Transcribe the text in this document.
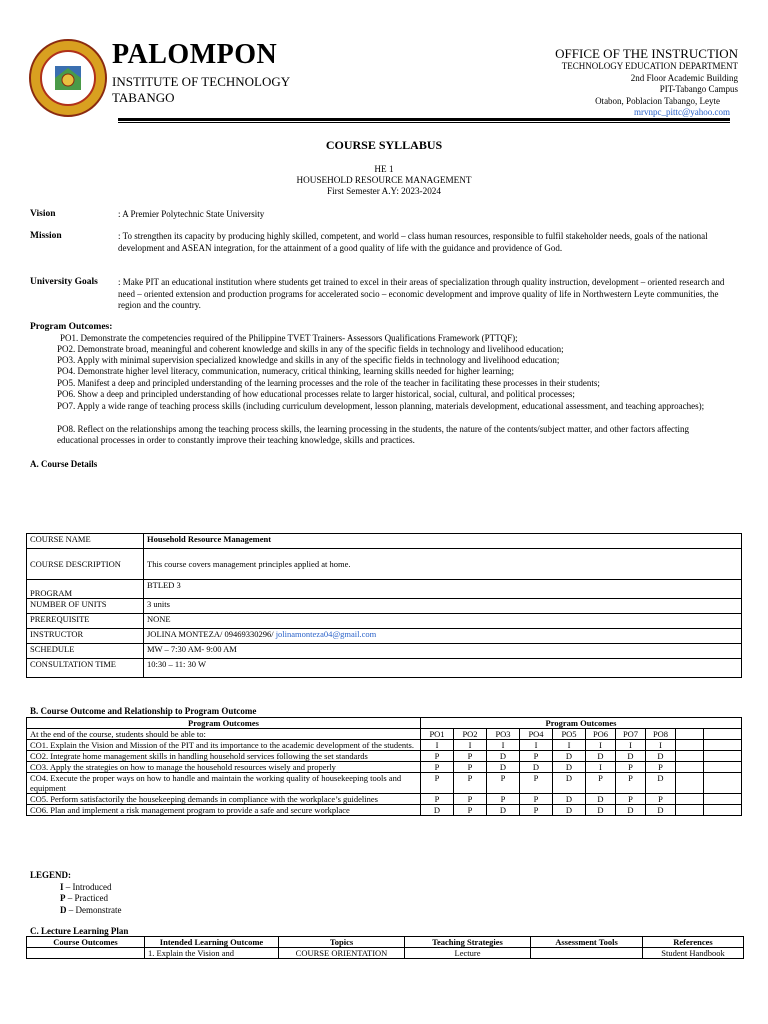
PALOMPON
INSTITUTE OF TECHNOLOGY
TABANGO
OFFICE OF THE INSTRUCTION
TECHNOLOGY EDUCATION DEPARTMENT
2nd Floor Academic Building
PIT-Tabango Campus
Otabon, Poblacion Tabango, Leyte
mrvnpc_pittc@yahoo.com
COURSE SYLLABUS
HE 1
HOUSEHOLD RESOURCE MANAGEMENT
First Semester A.Y: 2023-2024
Vision	: A Premier Polytechnic State University
Mission	: To strengthen its capacity by producing highly skilled, competent, and world – class human resources, responsible to fulfil stakeholder needs, goals of the national development and ASEAN integration, for the attainment of a good quality of life with the guidance and providence of God.
University Goals : Make PIT an educational institution where students get trained to excel in their areas of specialization through quality instruction, development – oriented research and need – oriented extension and production programs for accelerated socio – economic development and improve quality of life in Northwestern Leyte communities, the region and the country.
Program Outcomes:
PO1. Demonstrate the competencies required of the Philippine TVET Trainers- Assessors Qualifications Framework (PTTQF);
PO2. Demonstrate broad, meaningful and coherent knowledge and skills in any of the specific fields in technology and livelihood education;
PO3. Apply with minimal supervision specialized knowledge and skills in any of the specific fields in technology and livelihood education;
PO4. Demonstrate higher level literacy, communication, numeracy, critical thinking, learning skills needed for higher learning;
PO5. Manifest a deep and principled understanding of the learning processes and the role of the teacher in facilitating these processes in their students;
PO6. Show a deep and principled understanding of how educational processes relate to larger historical, social, cultural, and political processes;
PO7. Apply a wide range of teaching process skills (including curriculum development, lesson planning, materials development, educational assessment, and teaching approaches);
PO8. Reflect on the relationships among the teaching process skills, the learning processing in the students, the nature of the contents/subject matter, and other factors affecting educational processes in order to constantly improve their teaching knowledge, skills and practices.
A. Course Details
COURSE NAME	Household Resource Management
COURSE DESCRIPTION	This course covers management principles applied at home.
PROGRAM	BTLED 3
NUMBER OF UNITS	3 units
PREREQUISITE	NONE
INSTRUCTOR	JOLINA MONTEZA/ 09469330296/ jolinamonteza04@gmail.com
SCHEDULE	MW – 7:30 AM- 9:00 AM
CONSULTATION TIME	10:30 – 11: 30 W
B. Course Outcome and Relationship to Program Outcome
Program Outcomes	Program Outcomes									
At the end of the course, students should be able to:	PO1	PO2	PO3	PO4	PO5	PO6	PO7	PO8		
CO1. Explain the Vision and Mission of the PIT and its importance to the academic development of the students.	I	I	I	I	I	I	I	I		
CO2. Integrate home management skills in handling household services following the set standards	P	P	D	P	D	D	D	D		
CO3. Apply the strategies on how to manage the household resources wisely and properly	P	P	D	D	D	I	P	P		
CO4. Execute the proper ways on how to handle and maintain the working quality of housekeeping tools and equipment	P	P	P	P	D	P	P	D		
CO5. Perform satisfactorily the housekeeping demands in compliance with the workplace’s guidelines	P	P	P	P	D	D	P	P		
CO6. Plan and implement a risk management program to provide a safe and secure workplace	D	P	D	P	D	D	D	D		
LEGEND:
I – Introduced
P – Practiced
D – Demonstrate
C. Lecture Learning Plan
Course Outcomes	Intended Learning Outcome	Topics	Teaching Strategies	Assessment Tools	References
	1. Explain the Vision and	COURSE ORIENTATION	Lecture		Student Handbook
